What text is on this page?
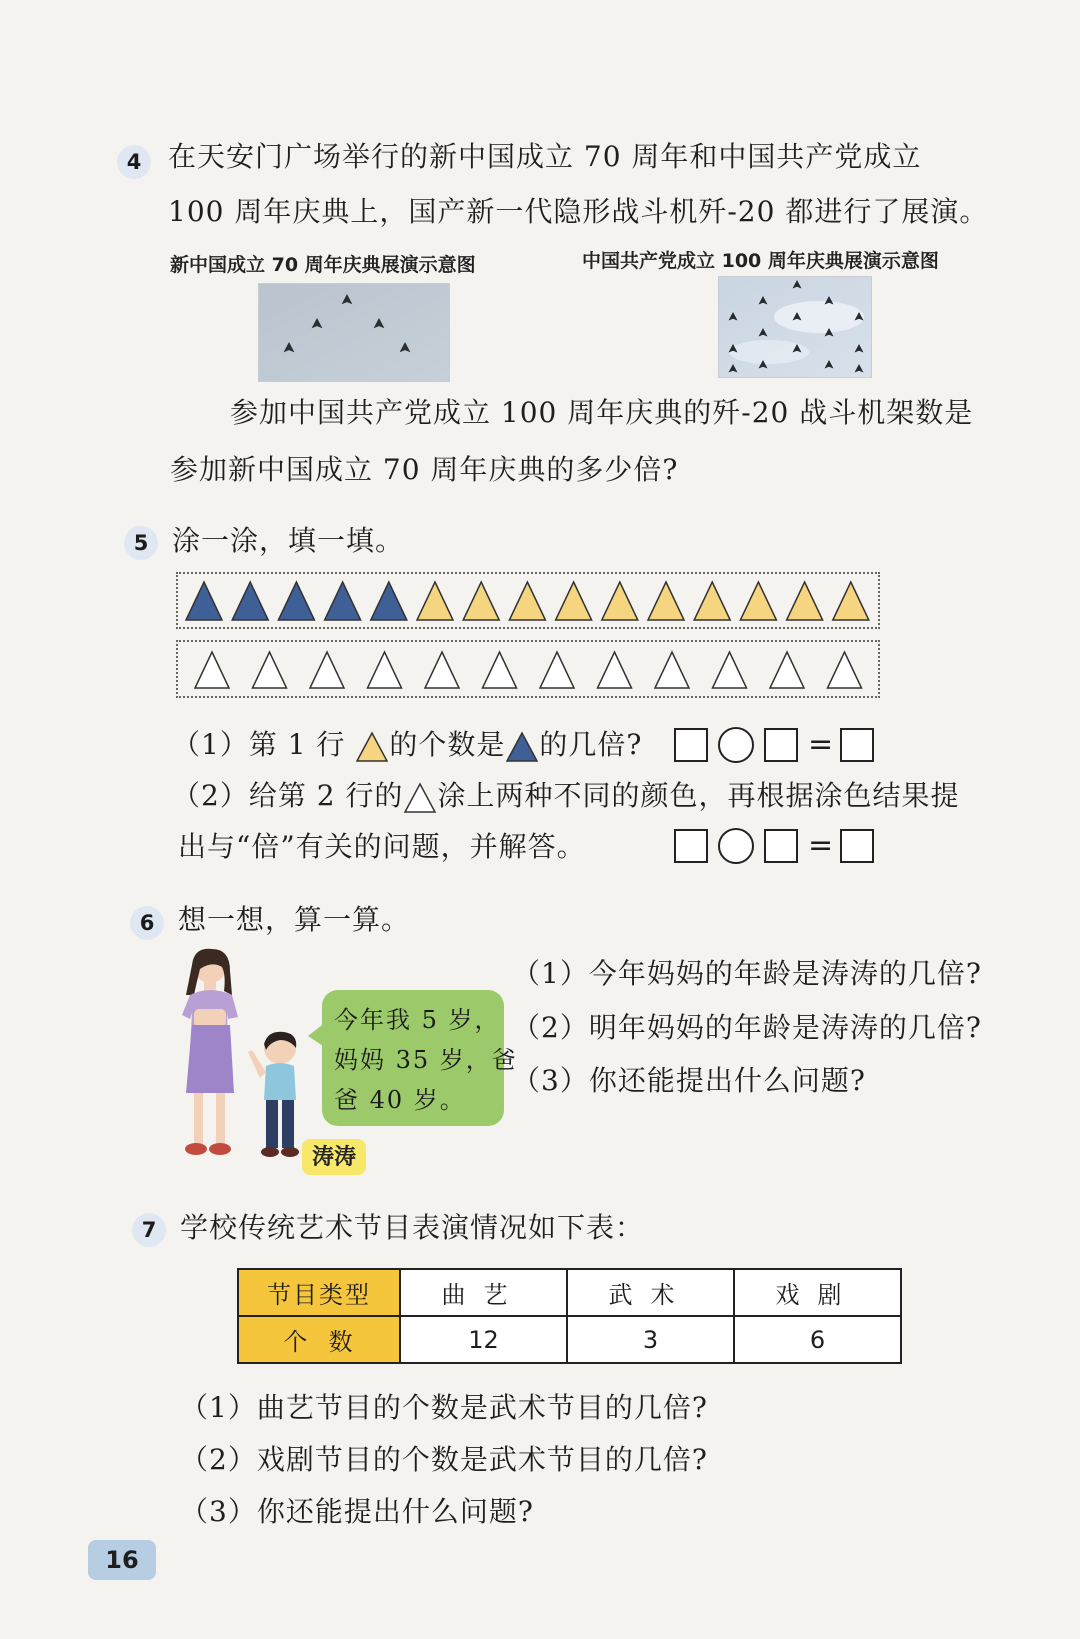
4 在天安门广场举行的新中国成立 70 周年和中国共产党成立
100 周年庆典上，国产新一代隐形战斗机歼-20 都进行了展演。
新中国成立 70 周年庆典展演示意图	中国共产党成立 100 周年庆典展演示意图
参加中国共产党成立 100 周年庆典的歼-20 战斗机架数是
参加新中国成立 70 周年庆典的多少倍?
5 涂一涂，填一填。
（1）第 1 行 的个数是 的几倍?	=
（2）给第 2 行的 涂上两种不同的颜色，再根据涂色结果提
出与“倍”有关的问题，并解答。	=
6 想一想，算一算。
今年我 5 岁，
妈妈 35 岁，爸
爸 40 岁。
涛涛
（1）今年妈妈的年龄是涛涛的几倍?
（2）明年妈妈的年龄是涛涛的几倍?
（3）你还能提出什么问题?
7 学校传统艺术节目表演情况如下表：
节目类型	曲艺	武术	戏剧
个  数	12	3	6
（1）曲艺节目的个数是武术节目的几倍?
（2）戏剧节目的个数是武术节目的几倍?
（3）你还能提出什么问题?
16
